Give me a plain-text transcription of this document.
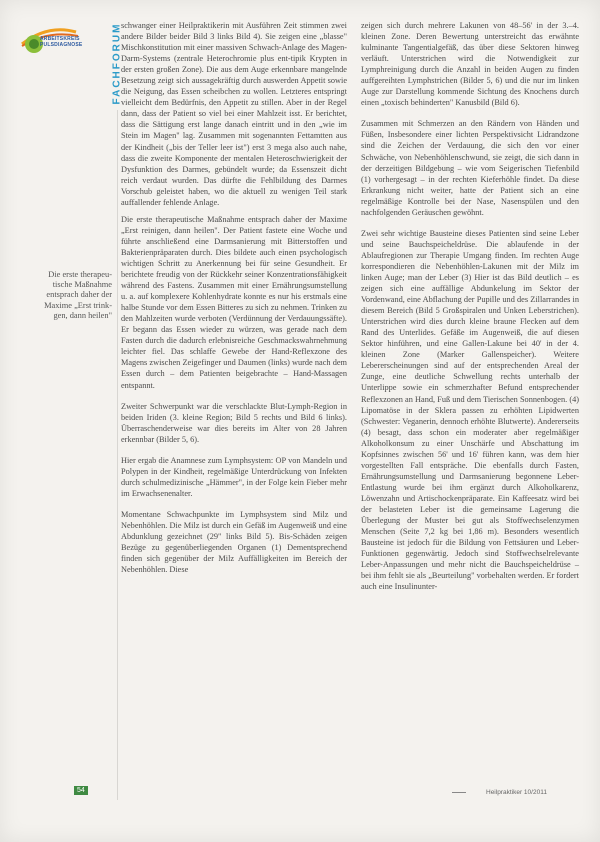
ARBEITSKREIS
PULSDIAGNOSE	FACHFORUM
Die erste therapeu-
tische Maßnahme
entsprach daher der
Maxime „Erst trink-
gen, dann heilen"

schwanger einer Heilpraktikerin mit Ausführen Zeit stimmen zwei andere Bilder beider Bild 3 links Bild 4). Sie zeigen eine „blasse" Mischkonstitution mit einer massiven Schwach-Anlage des Magen-Darm-Systems (zentrale Heterochromie plus ent-tipik Krypten in der ersten großen Zone). Die aus dem Auge erkennbare mangelnde Besetzung zeigt sich aussagekräftig durch auswerden Appetit sowie die Neigung, das Essen scheibchen zu wollen. Letzteres entspringt vielleicht dem Bedürfnis, den Appetit zu stillen. Aber in der Regel dann, dass der Patient so viel bei einer Mahlzeit isst. Er berichtet, dass die Sättigung erst lange danach eintritt und in den „wie im Stein im Magen" lag. Zusammen mit sogenannten Fettamtten aus der Kindheit („bis der Teller leer ist") erst 3 mega also auch nahe, dass die zweite Komponente der mentalen Heteroschwierigkeit der Dysfunktion des Darmes, gebündelt wurde; da Essenszeit dicht reich verdaut wurden. Das dürfte die Fehlbildung des Darmes Vorschub geleistet haben, wo die aktuell zu wenigen Teil stark auffallender fehlende Anlage.

Die erste therapeutische Maßnahme entsprach daher der Maxime „Erst reinigen, dann heilen". Der Patient fastete eine Woche und führte anschließend eine Darmsanierung mit Bitterstoffen und Bakterienpräparaten durch. Dies bildete auch einen psychologisch wichtigen Schritt zu Anerkennung bei für seine Gesundheit. Er berichtete freudig von der Rückkehr seiner Konzentrationsfähigkeit während des Fastens. Zusammen mit einer Ernährungsumstellung u. a. auf komplexere Kohlenhydrate konnte es nur his erstmals eine halbe Stunde vor dem Essen Bitteres zu sich zu nehmen. Trinken zu den Mahlzeiten wurde verboten (Verdünnung der Verdauungssäfte). Er begann das Essen wieder zu würzen, was gerade nach dem Fasten durch die dadurch erlebnisreiche Geschmackswahrnehmung leichter fiel. Das schlaffe Gewebe der Hand-Reflexzone des Magens zwischen Zeigefinger und Daumen (links) wurde nach dem Essen durch – dem Patienten beigebrachte – Hand-Massagen entspannt.

Zweiter Schwerpunkt war die verschlackte Blut-Lymph-Region in beiden Iriden (3. kleine Region; Bild 5 rechts und Bild 6 links). Überraschenderweise war dies bereits im Alter von 28 Jahren erkennbar (Bilder 5, 6).

Hier ergab die Anamnese zum Lymphsystem: OP von Mandeln und Polypen in der Kindheit, regelmäßige Unterdrückung von Infekten durch schulmedizinische „Hämmer", in der Folge kein Fieber mehr im Erwachsenenalter.

Momentane Schwachpunkte im Lymphsystem sind Milz und Nebenhöhlen. Die Milz ist durch ein Gefäß im Augenweiß und eine Abdunklung gezeichnet (29" links Bild 5). Bis-Schäden zeigen Bezüge zu gegenüberliegenden Organen (1) Dementsprechend finden sich gegenüber der Milz Auffälligkeiten im Bereich der Nebenhöhlen. Diese

zeigen sich durch mehrere Lakunen von 48–56' in der 3.–4. kleinen Zone. Deren Bewertung unterstreicht das erwähnte kulminante Tangentialgefäß, das über diese Sektoren hinweg verläuft. Unterstrichen wird die Notwendigkeit zur Lymphreinigung durch die Anzahl in beiden Augen zu finden auffgereihten Lymphstrichen (Bilder 5, 6) und die nur im linken Auge zur Darstellung kommende Sichtung des Knochens durch einen „toxisch behinderten" Kanusbild (Bild 6).

Zusammen mit Schmerzen an den Rändern von Händen und Füßen, Insbesondere einer lichten Perspektivsicht Lidrandzone sind die Zeichen der Verdauung, die sich den vor einer Schwäche, von Nebenhöhlenschwund, sie zeigt, die sich dann in der derzeitigen Bildgebung – wie vom Seigerischen Tiefenbild (1) vorhergesagt – in der rechten Kieferhöhle findet. Da diese Erkrankung nicht weiter, hatte der Patient sich an eine regelmäßige Kontrolle bei der Nase, Nasenspülen und den nachfolgenden Geräuschen gewöhnt.

Zwei sehr wichtige Bausteine dieses Patienten sind seine Leber und seine Bauchspeicheldrüse. Die ablaufende in der Ablaufregionen zur Therapie Umgang finden. Im rechten Auge korrespondieren die Nebenhöhlen-Lakunen mit der Milz im linken Auge; man der Leber (3) Hier ist das Bild deutlich – es zeigen sich eine auffällige Abdunkelung im Sektor der Vordenwand, eine Abflachung der Pupille und des Zillarrandes in diesem Bereich (Bild 5 Großspiralen und Unken Leberstrichen). Unterstrichen wird dies durch kleine braune Flecken auf dem Rand des Unterlides. Gefäße im Augenweiß, die auf diesen Sektor hinführen, und eine Gallen-Lakune bei 40' in der 4. kleinen Zone (Marker Gallenspeicher). Weitere Lebererscheinungen sind auf der entsprechenden Areal der Zunge, eine deutliche Schwellung rechts unterhalb der Unterlippe sowie ein schmerzhafter Befund entsprechender Reflexzonen an Hand, Fuß und dem Tierischen Sonnenbogen. (4) Lipomatöse in der Sklera passen zu erhöhten Lipidwerten (Schwester: Veganerin, dennoch erhöhte Blutwerte). Andererseits (4) besagt, dass schon ein moderater aber regelmäßiger Alkoholkonsum zu einer Unschärfe und Abschattung im Kopfsinnes zwischen 56' und 16' führen kann, was dem hier vorgestellten Fall entspräche. Die ebenfalls durch Fasten, Ernährungsumstellung und Darmsanierung begonnene Leber-Entlastung wurde bei ihm ergänzt durch Alkoholkarenz, Löwenzahn und Artischockenpräparate. Ein Kaffeesatz wird bei der belasteten Leber ist die gemeinsame Lagerung die Überlegung der Muster bei gut als Stoffwechselenzymen Menschen (Seite 7,2 kg bei 1,86 m). Besonders wesentlich Bausteine ist jedoch für die Bildung von Fettsäuren und Leber-Funktionen gegenwärtig. Jedoch sind Stoffwechselrelevante Leber-Anpassungen und mehr nicht die Bauchspeicheldrüse – bei ihm fehlt sie als „Beurteilung" vorbehalten werden. Er fordert auch eine Insulinunter-

54	Heilpraktiker 10/2011
